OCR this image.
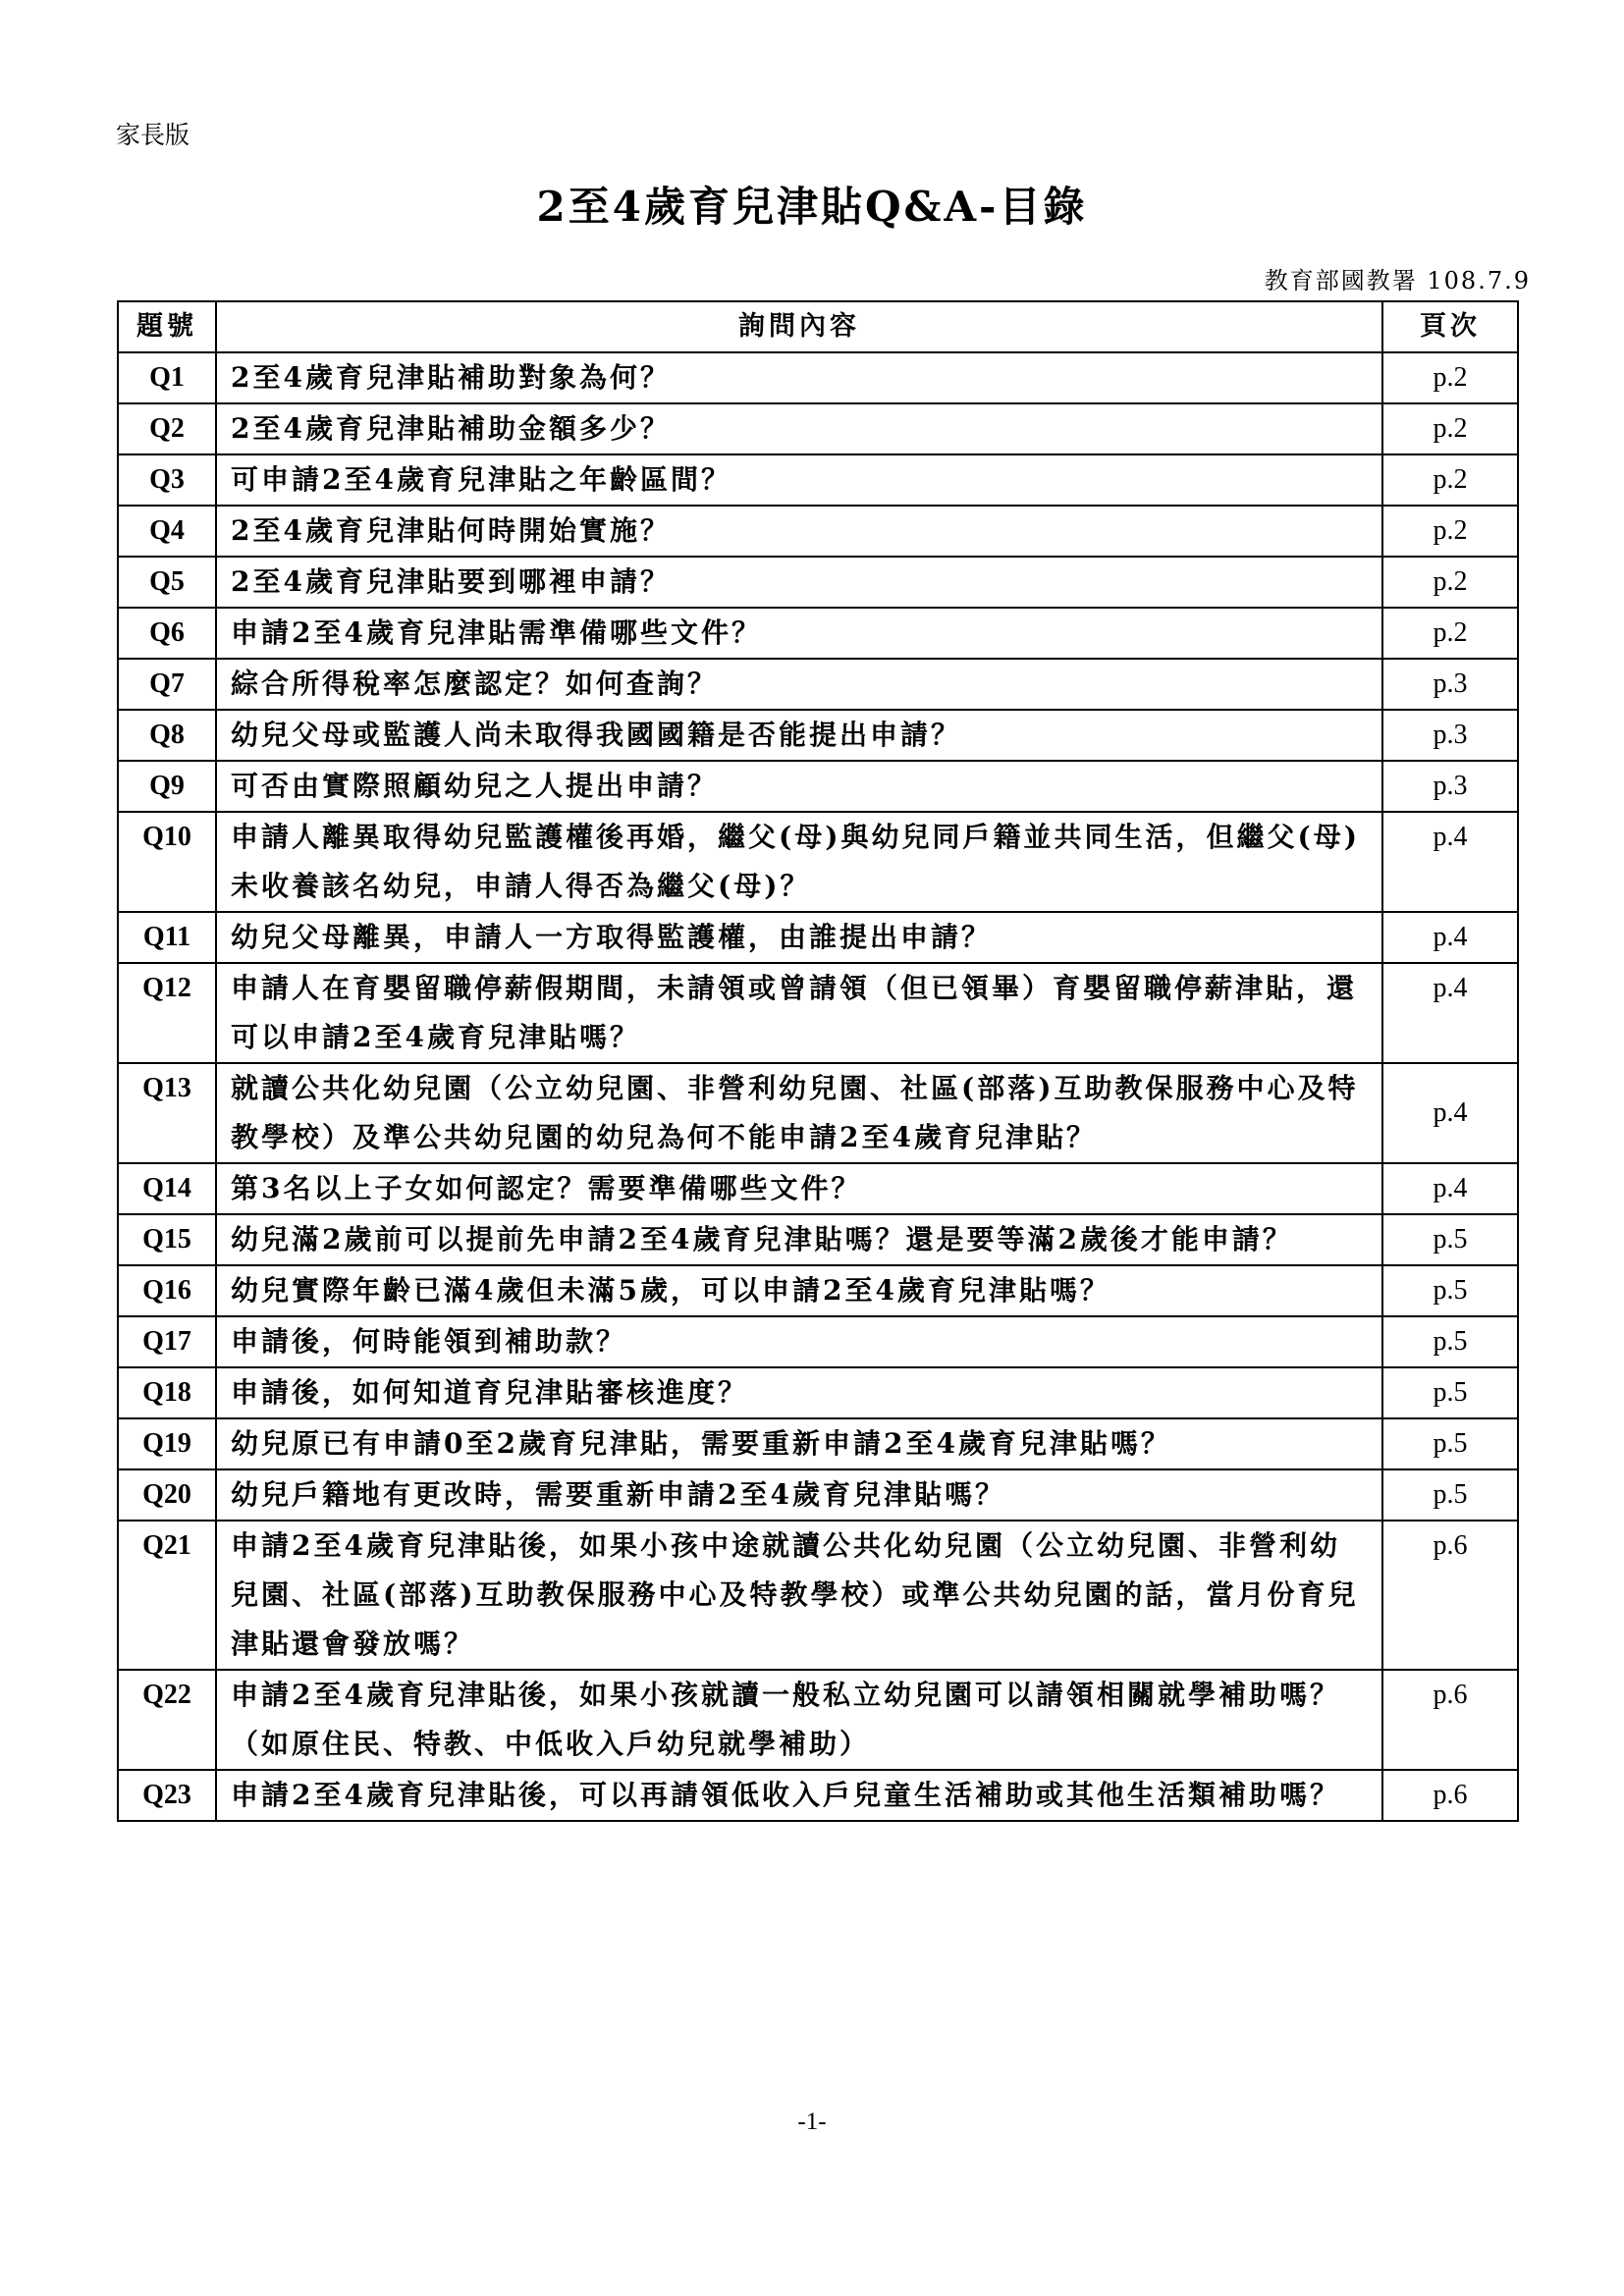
家長版
2至4歲育兒津貼Q&A-目錄
教育部國教署 108.7.9
題號	詢問內容	頁次
Q1	2至4歲育兒津貼補助對象為何？	p.2
Q2	2至4歲育兒津貼補助金額多少？	p.2
Q3	可申請2至4歲育兒津貼之年齡區間？	p.2
Q4	2至4歲育兒津貼何時開始實施？	p.2
Q5	2至4歲育兒津貼要到哪裡申請？	p.2
Q6	申請2至4歲育兒津貼需準備哪些文件？	p.2
Q7	綜合所得稅率怎麼認定？如何查詢？	p.3
Q8	幼兒父母或監護人尚未取得我國國籍是否能提出申請？	p.3
Q9	可否由實際照顧幼兒之人提出申請？	p.3
Q10	申請人離異取得幼兒監護權後再婚，繼父(母)與幼兒同戶籍並共同生活，但繼父(母)未收養該名幼兒，申請人得否為繼父(母)？	p.4
Q11	幼兒父母離異，申請人一方取得監護權，由誰提出申請？	p.4
Q12	申請人在育嬰留職停薪假期間，未請領或曾請領（但已領畢）育嬰留職停薪津貼，還可以申請2至4歲育兒津貼嗎？	p.4
Q13	就讀公共化幼兒園（公立幼兒園、非營利幼兒園、社區(部落)互助教保服務中心及特教學校）及準公共幼兒園的幼兒為何不能申請2至4歲育兒津貼？	p.4
Q14	第3名以上子女如何認定？需要準備哪些文件？	p.4
Q15	幼兒滿2歲前可以提前先申請2至4歲育兒津貼嗎？還是要等滿2歲後才能申請？	p.5
Q16	幼兒實際年齡已滿4歲但未滿5歲，可以申請2至4歲育兒津貼嗎？	p.5
Q17	申請後，何時能領到補助款？	p.5
Q18	申請後，如何知道育兒津貼審核進度？	p.5
Q19	幼兒原已有申請0至2歲育兒津貼，需要重新申請2至4歲育兒津貼嗎？	p.5
Q20	幼兒戶籍地有更改時，需要重新申請2至4歲育兒津貼嗎？	p.5
Q21	申請2至4歲育兒津貼後，如果小孩中途就讀公共化幼兒園（公立幼兒園、非營利幼兒園、社區(部落)互助教保服務中心及特教學校）或準公共幼兒園的話，當月份育兒津貼還會發放嗎？	p.6
Q22	申請2至4歲育兒津貼後，如果小孩就讀一般私立幼兒園可以請領相關就學補助嗎？（如原住民、特教、中低收入戶幼兒就學補助）	p.6
Q23	申請2至4歲育兒津貼後，可以再請領低收入戶兒童生活補助或其他生活類補助嗎？	p.6
-1-
